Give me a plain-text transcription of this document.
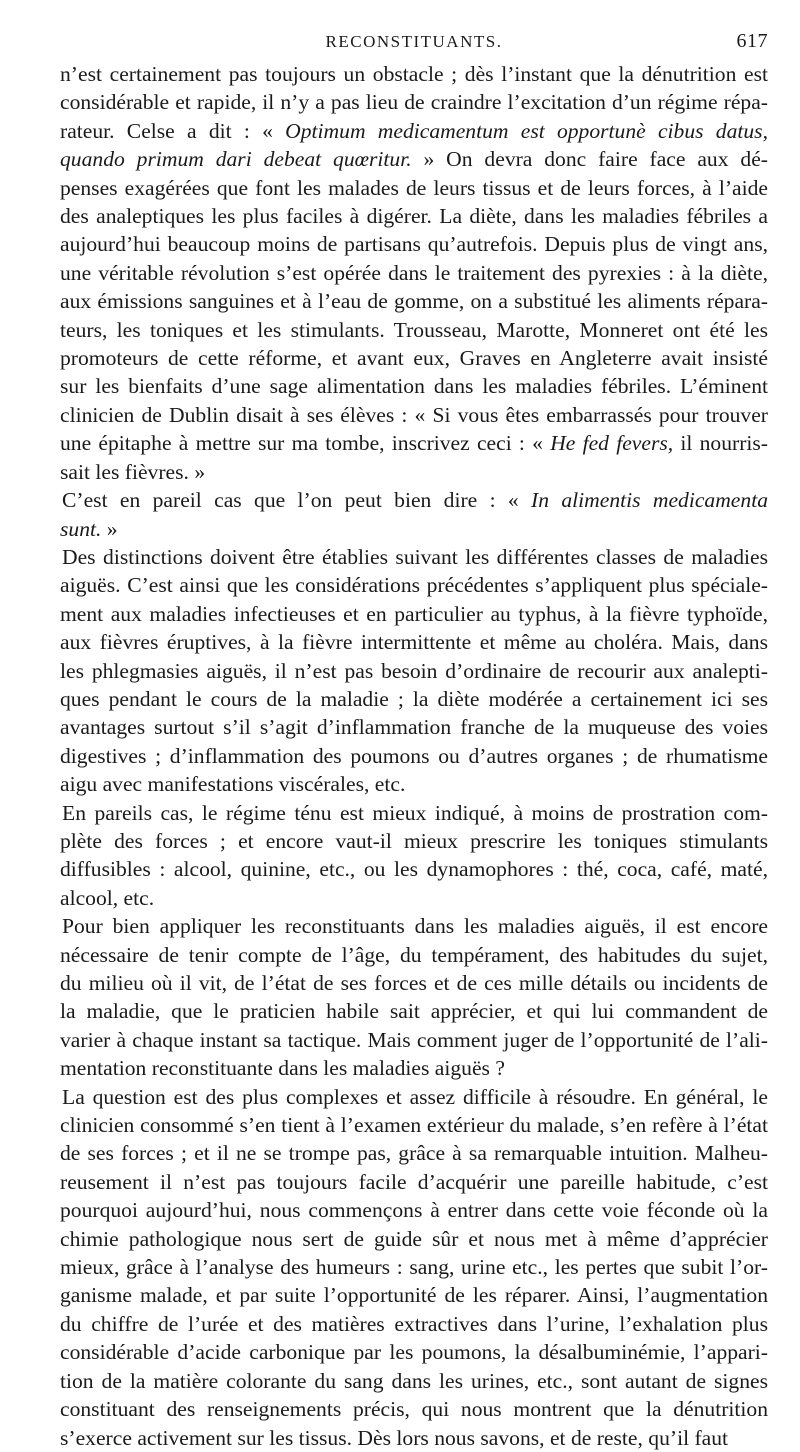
RECONSTITUANTS.	617
n’est certainement pas toujours un obstacle ; dès l’instant que la dénutrition est
considérable et rapide, il n’y a pas lieu de craindre l’excitation d’un régime répa-
rateur. Celse a dit : « Optimum medicamentum est opportunè cibus datus,
quando primum dari debeat quœritur. » On devra donc faire face aux dé-
penses exagérées que font les malades de leurs tissus et de leurs forces, à l’aide
des analeptiques les plus faciles à digérer. La diète, dans les maladies fébriles a
aujourd’hui beaucoup moins de partisans qu’autrefois. Depuis plus de vingt ans,
une véritable révolution s’est opérée dans le traitement des pyrexies : à la diète,
aux émissions sanguines et à l’eau de gomme, on a substitué les aliments répara-
teurs, les toniques et les stimulants. Trousseau, Marotte, Monneret ont été les
promoteurs de cette réforme, et avant eux, Graves en Angleterre avait insisté
sur les bienfaits d’une sage alimentation dans les maladies fébriles. L’éminent
clinicien de Dublin disait à ses élèves : « Si vous êtes embarrassés pour trouver
une épitaphe à mettre sur ma tombe, inscrivez ceci : « He fed fevers, il nourris-
sait les fièvres. »
C’est en pareil cas que l’on peut bien dire : « In alimentis medicamenta
sunt. »
Des distinctions doivent être établies suivant les différentes classes de maladies
aiguës. C’est ainsi que les considérations précédentes s’appliquent plus spéciale-
ment aux maladies infectieuses et en particulier au typhus, à la fièvre typhoïde,
aux fièvres éruptives, à la fièvre intermittente et même au choléra. Mais, dans
les phlegmasies aiguës, il n’est pas besoin d’ordinaire de recourir aux analepti-
ques pendant le cours de la maladie ; la diète modérée a certainement ici ses
avantages surtout s’il s’agit d’inflammation franche de la muqueuse des voies
digestives ; d’inflammation des poumons ou d’autres organes ; de rhumatisme
aigu avec manifestations viscérales, etc.
En pareils cas, le régime ténu est mieux indiqué, à moins de prostration com-
plète des forces ; et encore vaut-il mieux prescrire les toniques stimulants
diffusibles : alcool, quinine, etc., ou les dynamophores : thé, coca, café, maté,
alcool, etc.
Pour bien appliquer les reconstituants dans les maladies aiguës, il est encore
nécessaire de tenir compte de l’âge, du tempérament, des habitudes du sujet,
du milieu où il vit, de l’état de ses forces et de ces mille détails ou incidents de
la maladie, que le praticien habile sait apprécier, et qui lui commandent de
varier à chaque instant sa tactique. Mais comment juger de l’opportunité de l’ali-
mentation reconstituante dans les maladies aiguës ?
La question est des plus complexes et assez difficile à résoudre. En général, le
clinicien consommé s’en tient à l’examen extérieur du malade, s’en refère à l’état
de ses forces ; et il ne se trompe pas, grâce à sa remarquable intuition. Malheu-
reusement il n’est pas toujours facile d’acquérir une pareille habitude, c’est
pourquoi aujourd’hui, nous commençons à entrer dans cette voie féconde où la
chimie pathologique nous sert de guide sûr et nous met à même d’apprécier
mieux, grâce à l’analyse des humeurs : sang, urine etc., les pertes que subit l’or-
ganisme malade, et par suite l’opportunité de les réparer. Ainsi, l’augmentation
du chiffre de l’urée et des matières extractives dans l’urine, l’exhalation plus
considérable d’acide carbonique par les poumons, la désalbuminémie, l’appari-
tion de la matière colorante du sang dans les urines, etc., sont autant de signes
constituant des renseignements précis, qui nous montrent que la dénutrition
s’exerce activement sur les tissus. Dès lors nous savons, et de reste, qu’il faut
